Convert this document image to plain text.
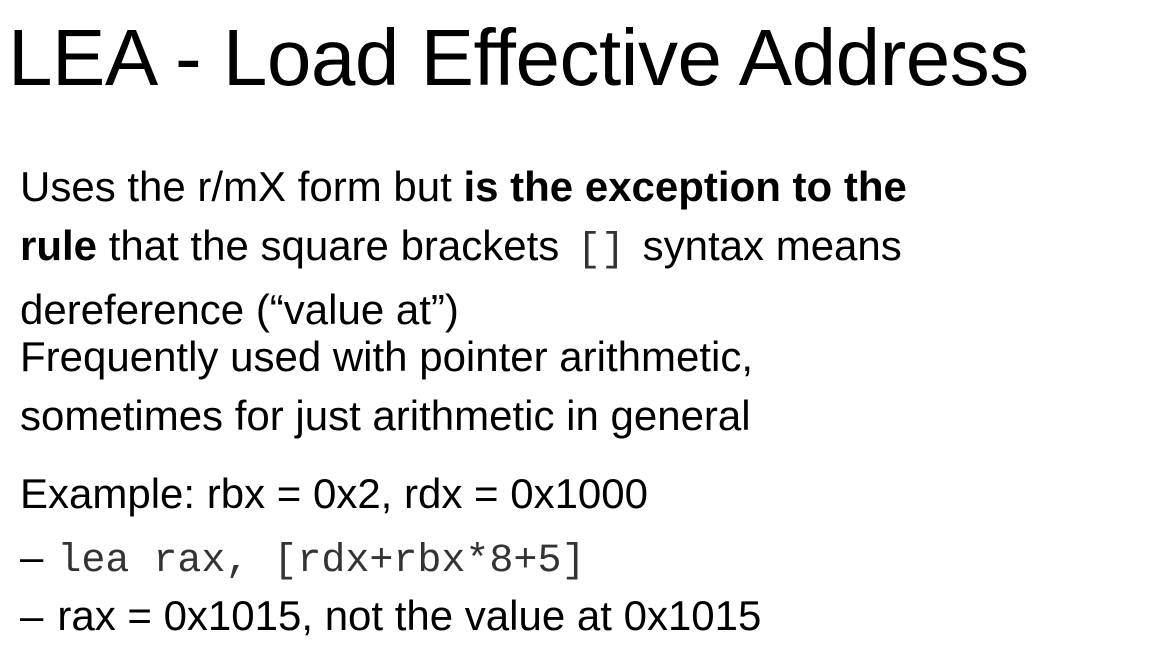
LEA - Load Effective Address
Uses the r/mX form but is the exception to the
rule that the square brackets [] syntax means
dereference (“value at”)
Frequently used with pointer arithmetic,
sometimes for just arithmetic in general
Example: rbx = 0x2, rdx = 0x1000
– lea rax, [rdx+rbx*8+5]
– rax = 0x1015, not the value at 0x1015
